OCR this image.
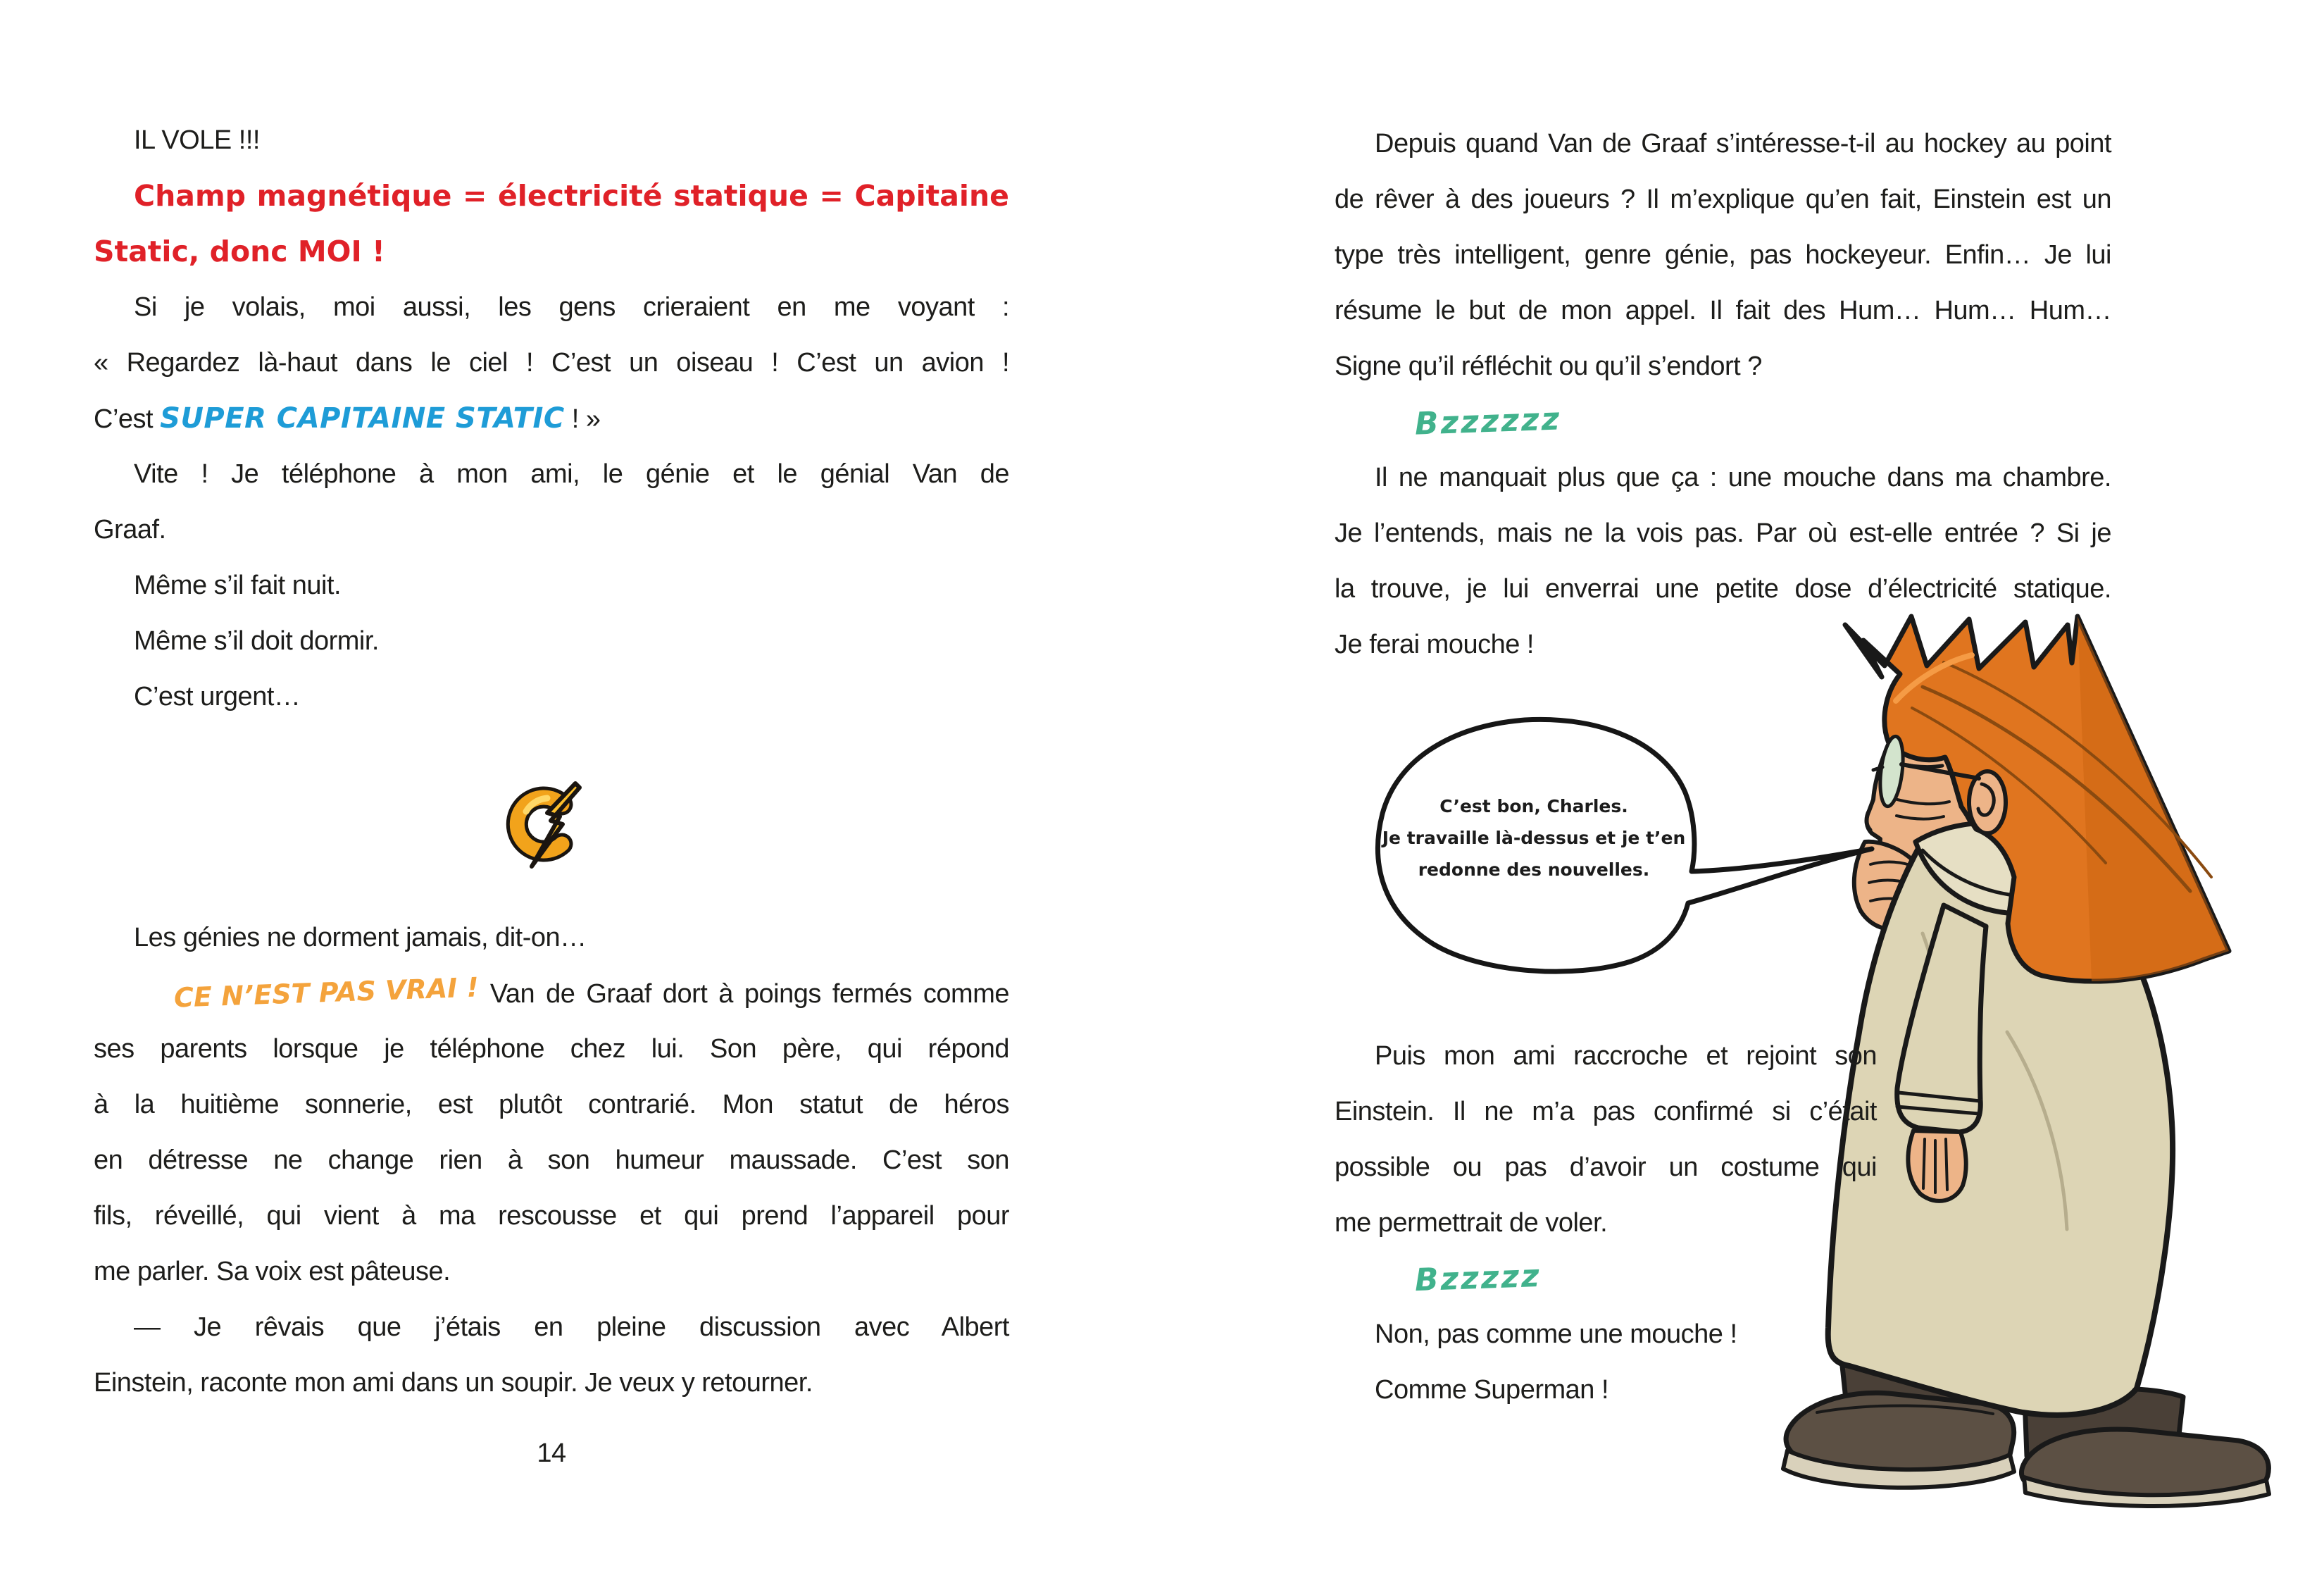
IL VOLE !!!
Champ magnétique = électricité statique = Capitaine
Static, donc MOI !
Si je volais, moi aussi, les gens crieraient en me voyant :
« Regardez là-haut dans le ciel ! C’est un oiseau ! C’est un avion !
C’est SUPER CAPITAINE STATIC ! »
Vite ! Je téléphone à mon ami, le génie et le génial Van de
Graaf.
Même s’il fait nuit.
Même s’il doit dormir.
C’est urgent…
Les génies ne dorment jamais, dit-on…
CE N’EST PAS VRAI ! Van de Graaf dort à poings fermés comme
ses parents lorsque je téléphone chez lui. Son père, qui répond
à la huitième sonnerie, est plutôt contrarié. Mon statut de héros
en détresse ne change rien à son humeur maussade. C’est son
fils, réveillé, qui vient à ma rescousse et qui prend l’appareil pour
me parler. Sa voix est pâteuse.
— Je rêvais que j’étais en pleine discussion avec Albert
Einstein, raconte mon ami dans un soupir. Je veux y retourner.
14
Depuis quand Van de Graaf s’intéresse-t-il au hockey au point
de rêver à des joueurs ? Il m’explique qu’en fait, Einstein est un
type très intelligent, genre génie, pas hockeyeur. Enfin… Je lui
résume le but de mon appel. Il fait des Hum… Hum… Hum…
Signe qu’il réfléchit ou qu’il s’endort ?
Bzzzzzz
Il ne manquait plus que ça : une mouche dans ma chambre.
Je l’entends, mais ne la vois pas. Par où est-elle entrée ? Si je
la trouve, je lui enverrai une petite dose d’électricité statique.
Je ferai mouche !
C’est bon, Charles.
Je travaille là-dessus et je t’en
redonne des nouvelles.
Puis mon ami raccroche et rejoint son
Einstein. Il ne m’a pas confirmé si c’était
possible ou pas d’avoir un costume qui
me permettrait de voler.
Bzzzzz
Non, pas comme une mouche !
Comme Superman !
